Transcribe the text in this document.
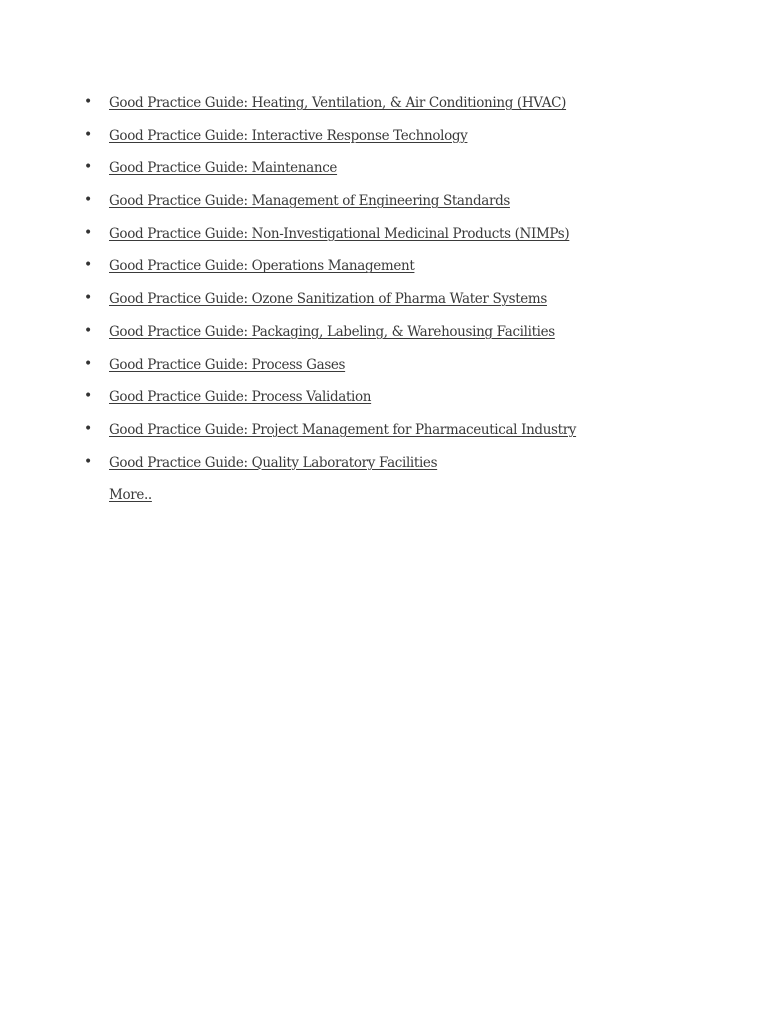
• Good Practice Guide: Heating, Ventilation, & Air Conditioning (HVAC)
• Good Practice Guide: Interactive Response Technology
• Good Practice Guide: Maintenance
• Good Practice Guide: Management of Engineering Standards
• Good Practice Guide: Non-Investigational Medicinal Products (NIMPs)
• Good Practice Guide: Operations Management
• Good Practice Guide: Ozone Sanitization of Pharma Water Systems
• Good Practice Guide: Packaging, Labeling, & Warehousing Facilities
• Good Practice Guide: Process Gases
• Good Practice Guide: Process Validation
• Good Practice Guide: Project Management for Pharmaceutical Industry
• Good Practice Guide: Quality Laboratory Facilities
More..
